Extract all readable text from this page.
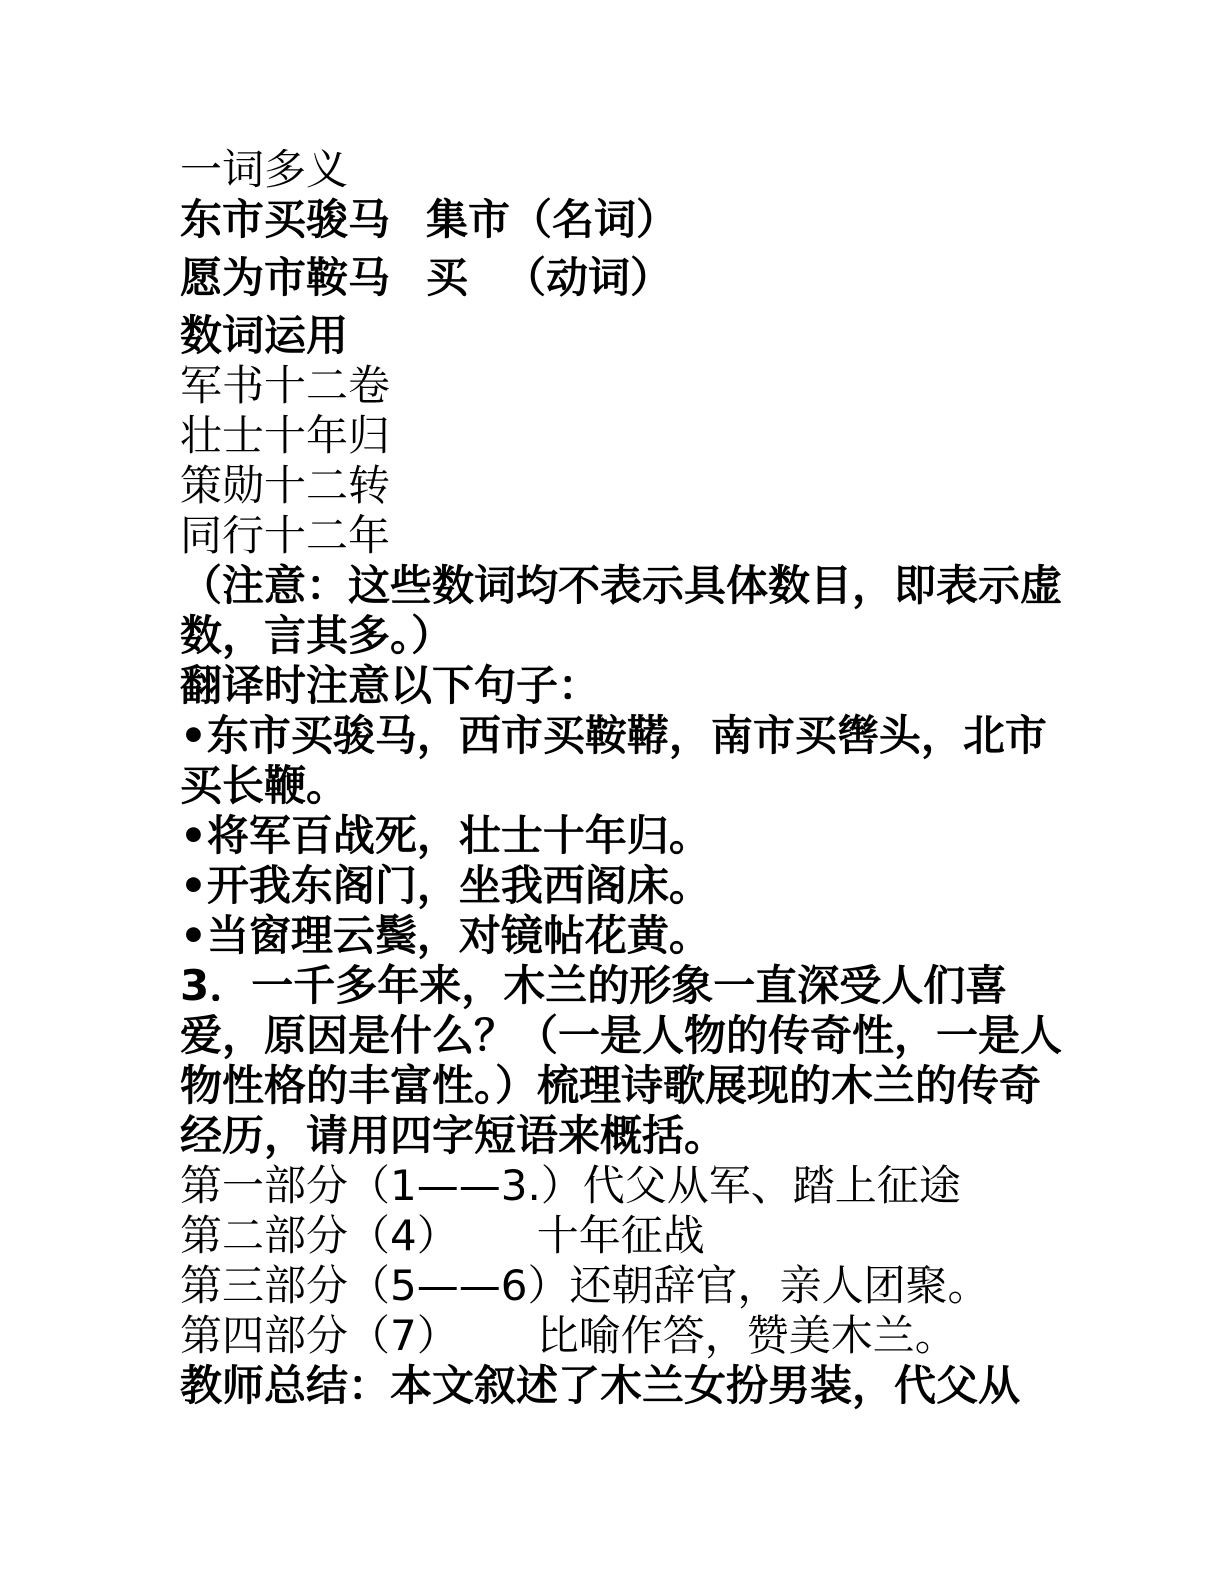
一词多义

东市买骏马 集市（名词）

愿为市鞍马 买 （动词）

数词运用

军书十二卷

壮士十年归

策勋十二转

同行十二年

（注意：这些数词均不表示具体数目，即表示虚数，言其多。）

翻译时注意以下句子：

•东市买骏马，西市买鞍鞯，南市买辔头，北市买长鞭。

•将军百战死，壮士十年归。

•开我东阁门，坐我西阁床。

•当窗理云鬓，对镜帖花黄。

3．一千多年来，木兰的形象一直深受人们喜爱，原因是什么？（一是人物的传奇性，一是人物性格的丰富性。）梳理诗歌展现的木兰的传奇经历，请用四字短语来概括。

第一部分（1——3.）代父从军、踏上征途

第二部分（4） 十年征战

第三部分（5——6）还朝辞官，亲人团聚。

第四部分（7） 比喻作答，赞美木兰。

教师总结：本文叙述了木兰女扮男装，代父从
